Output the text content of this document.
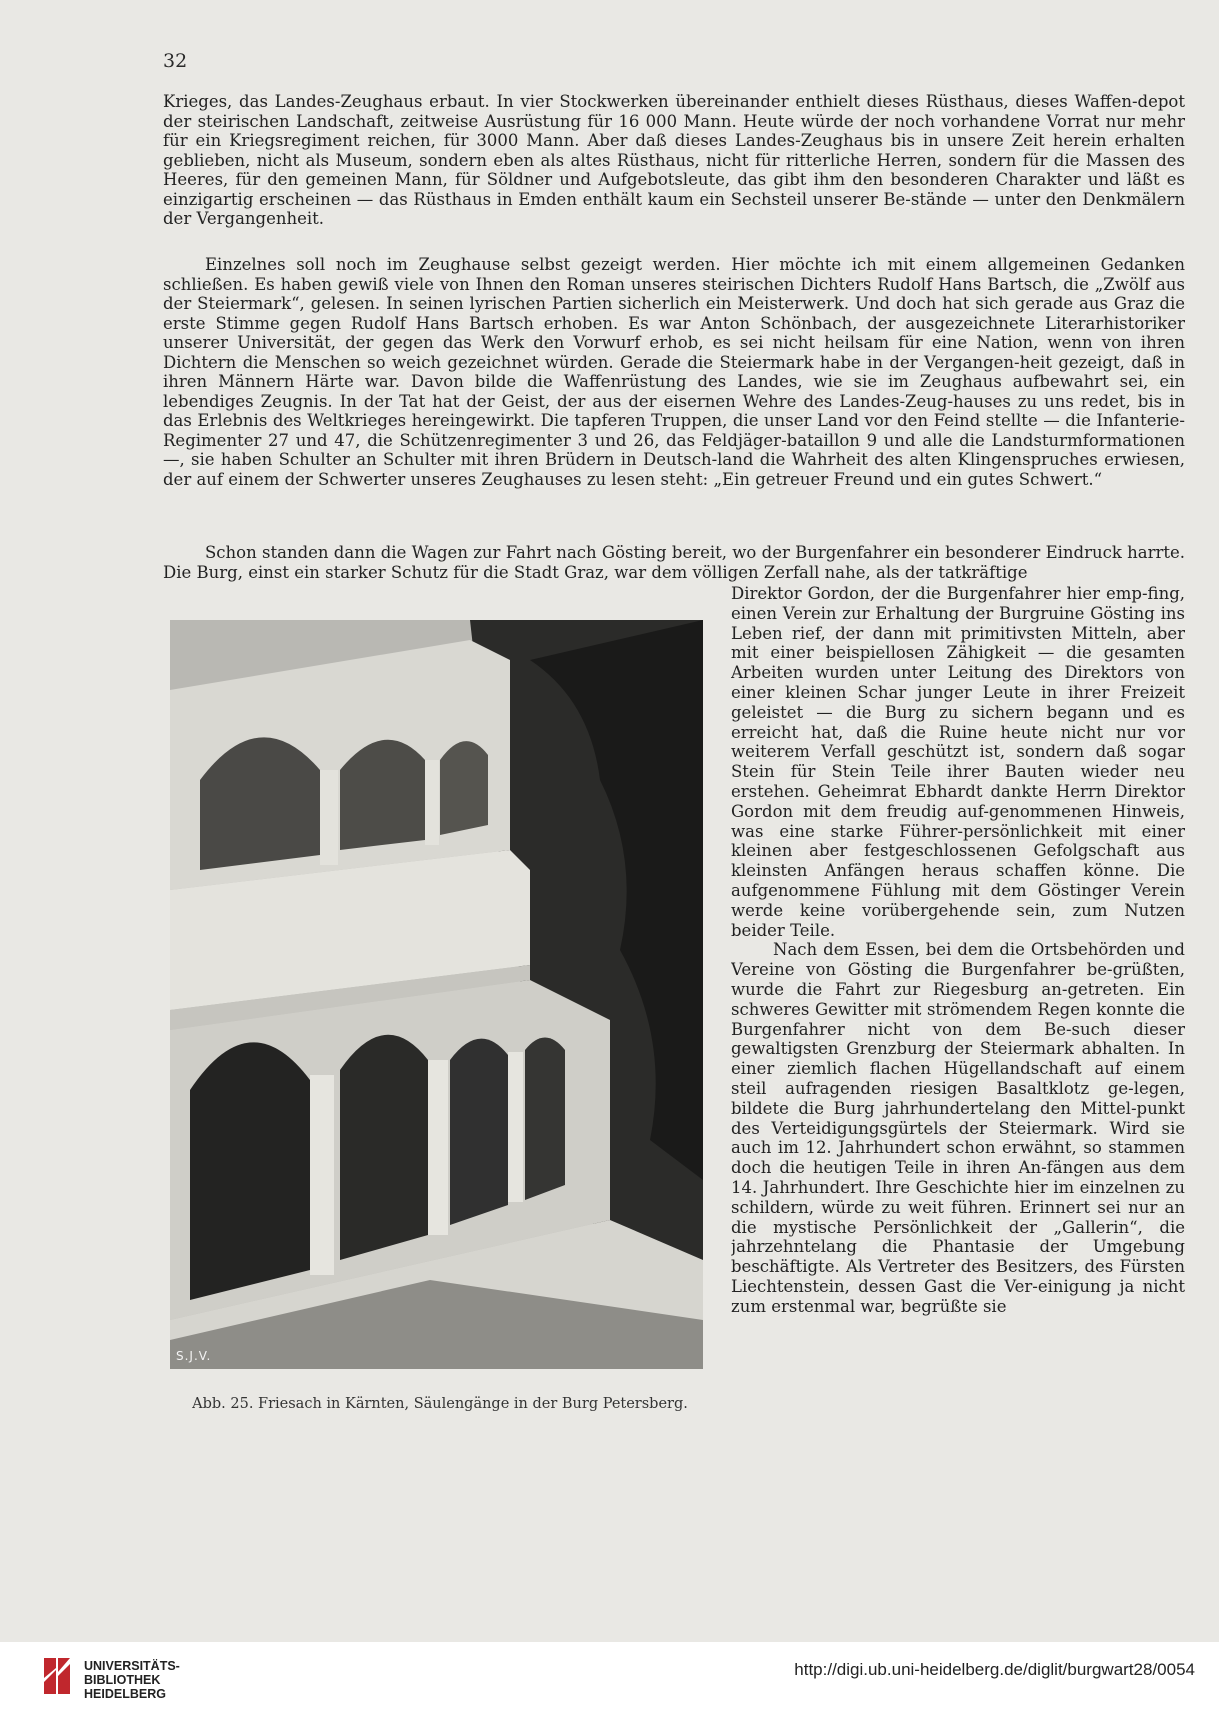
32

Krieges, das Landes-Zeughaus erbaut. In vier Stockwerken übereinander enthielt dieses Rüsthaus, dieses Waffen-depot der steirischen Landschaft, zeitweise Ausrüstung für 16 000 Mann. Heute würde der noch vorhandene Vorrat nur mehr für ein Kriegsregiment reichen, für 3000 Mann. Aber daß dieses Landes-Zeughaus bis in unsere Zeit herein erhalten geblieben, nicht als Museum, sondern eben als altes Rüsthaus, nicht für ritterliche Herren, sondern für die Massen des Heeres, für den gemeinen Mann, für Söldner und Aufgebotsleute, das gibt ihm den besonderen Charakter und läßt es einzigartig erscheinen — das Rüsthaus in Emden enthält kaum ein Sechsteil unserer Be-stände — unter den Denkmälern der Vergangenheit.

Einzelnes soll noch im Zeughause selbst gezeigt werden. Hier möchte ich mit einem allgemeinen Gedanken schließen. Es haben gewiß viele von Ihnen den Roman unseres steirischen Dichters Rudolf Hans Bartsch, die „Zwölf aus der Steiermark“, gelesen. In seinen lyrischen Partien sicherlich ein Meisterwerk. Und doch hat sich gerade aus Graz die erste Stimme gegen Rudolf Hans Bartsch erhoben. Es war Anton Schönbach, der ausgezeichnete Literarhistoriker unserer Universität, der gegen das Werk den Vorwurf erhob, es sei nicht heilsam für eine Nation, wenn von ihren Dichtern die Menschen so weich gezeichnet würden. Gerade die Steiermark habe in der Vergangen-heit gezeigt, daß in ihren Männern Härte war. Davon bilde die Waffenrüstung des Landes, wie sie im Zeughaus aufbewahrt sei, ein lebendiges Zeugnis. In der Tat hat der Geist, der aus der eisernen Wehre des Landes-Zeug-hauses zu uns redet, bis in das Erlebnis des Weltkrieges hereingewirkt. Die tapferen Truppen, die unser Land vor den Feind stellte — die Infanterie-Regimenter 27 und 47, die Schützenregimenter 3 und 26, das Feldjäger-bataillon 9 und alle die Landsturmformationen —, sie haben Schulter an Schulter mit ihren Brüdern in Deutsch-land die Wahrheit des alten Klingenspruches erwiesen, der auf einem der Schwerter unseres Zeughauses zu lesen steht: „Ein getreuer Freund und ein gutes Schwert.“

Schon standen dann die Wagen zur Fahrt nach Gösting bereit, wo der Burgenfahrer ein besonderer Eindruck harrte. Die Burg, einst ein starker Schutz für die Stadt Graz, war dem völligen Zerfall nahe, als der tatkräftige

Direktor Gordon, der die Burgenfahrer hier emp-fing, einen Verein zur Erhaltung der Burgruine Gösting ins Leben rief, der dann mit primitivsten Mitteln, aber mit einer beispiellosen Zähigkeit — die gesamten Arbeiten wurden unter Leitung des Direktors von einer kleinen Schar junger Leute in ihrer Freizeit geleistet — die Burg zu sichern begann und es erreicht hat, daß die Ruine heute nicht nur vor weiterem Verfall geschützt ist, sondern daß sogar Stein für Stein Teile ihrer Bauten wieder neu erstehen. Geheimrat Ebhardt dankte Herrn Direktor Gordon mit dem freudig auf-genommenen Hinweis, was eine starke Führer-persönlichkeit mit einer kleinen aber festgeschlossenen Gefolgschaft aus kleinsten Anfängen heraus schaffen könne. Die aufgenommene Fühlung mit dem Göstinger Verein werde keine vorübergehende sein, zum Nutzen beider Teile.

Nach dem Essen, bei dem die Ortsbehörden und Vereine von Gösting die Burgenfahrer be-grüßten, wurde die Fahrt zur Riegesburg an-getreten. Ein schweres Gewitter mit strömendem Regen konnte die Burgenfahrer nicht von dem Be-such dieser gewaltigsten Grenzburg der Steiermark abhalten. In einer ziemlich flachen Hügellandschaft auf einem steil aufragenden riesigen Basaltklotz ge-legen, bildete die Burg jahrhundertelang den Mittel-punkt des Verteidigungsgürtels der Steiermark. Wird sie auch im 12. Jahrhundert schon erwähnt, so stammen doch die heutigen Teile in ihren An-fängen aus dem 14. Jahrhundert. Ihre Geschichte hier im einzelnen zu schildern, würde zu weit führen. Erinnert sei nur an die mystische Persönlichkeit der „Gallerin“, die jahrzehntelang die Phantasie der Umgebung beschäftigte. Als Vertreter des Besitzers, des Fürsten Liechtenstein, dessen Gast die Ver-einigung ja nicht zum erstenmal war, begrüßte sie

S.J.V.
Abb. 25. Friesach in Kärnten, Säulengänge in der Burg Petersberg.
UNIVERSITÄTS-
BIBLIOTHEK
HEIDELBERG
http://digi.ub.uni-heidelberg.de/diglit/burgwart28/0054
